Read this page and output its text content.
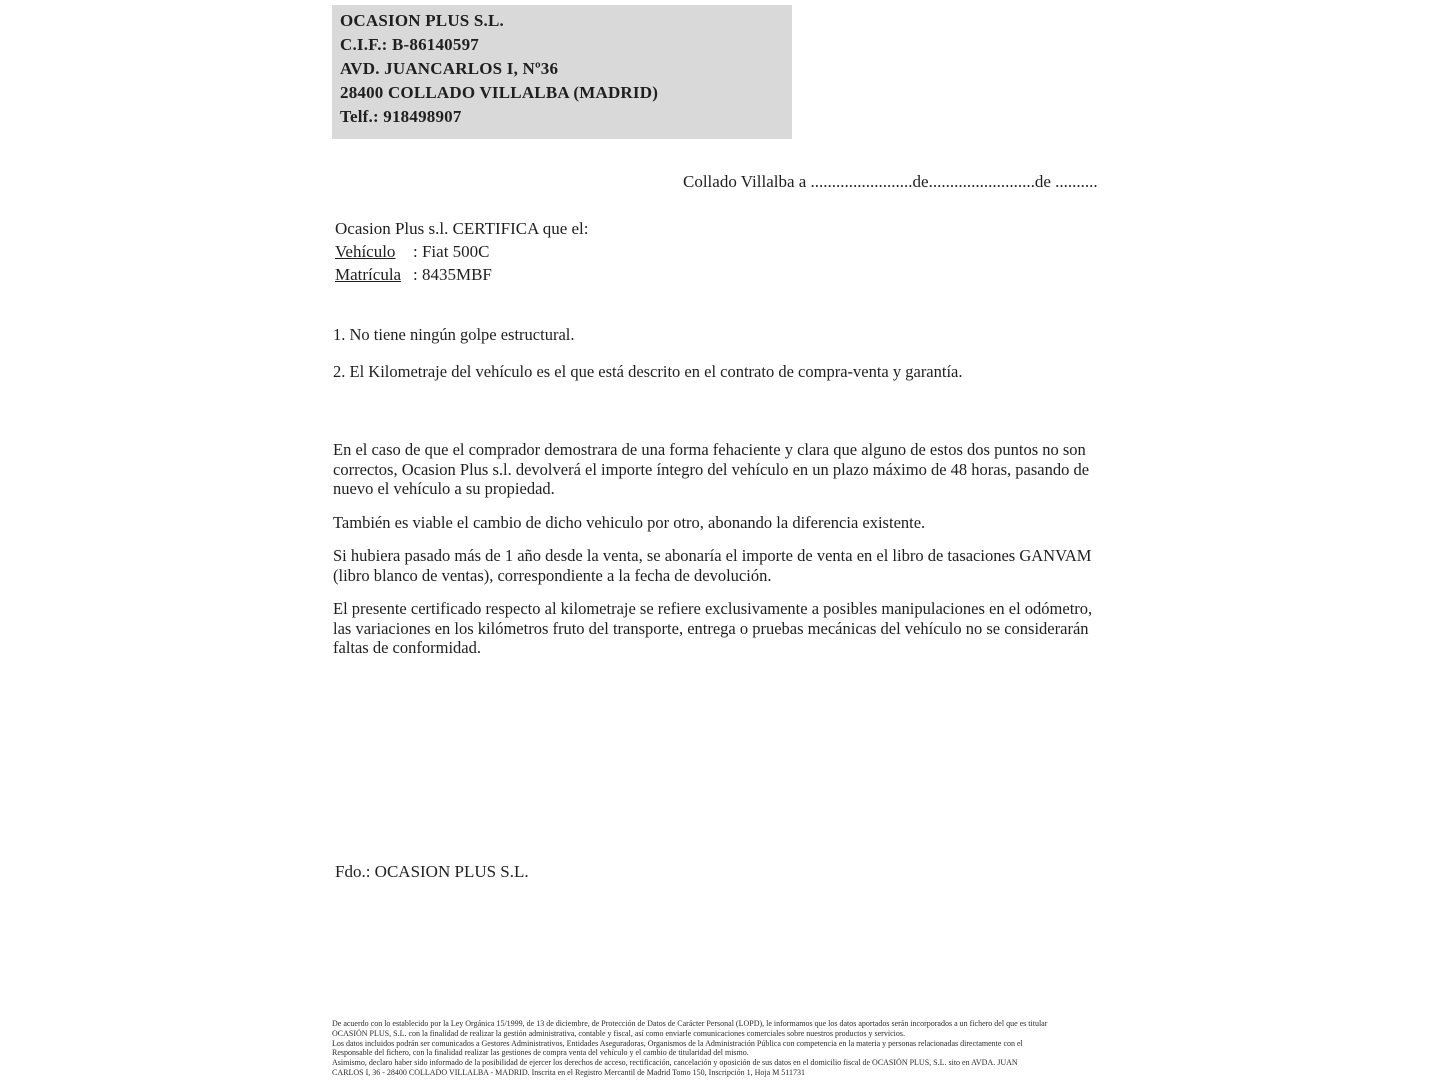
OCASION PLUS S.L.
C.I.F.: B-86140597
AVD. JUANCARLOS I, Nº36
28400 COLLADO VILLALBA (MADRID)
Telf.: 918498907
Collado Villalba a ........................de.........................de ..........
Ocasion Plus s.l. CERTIFICA que el:
Vehículo : Fiat 500C
Matrícula : 8435MBF

1. No tiene ningún golpe estructural.

2. El Kilometraje del vehículo es el que está descrito en el contrato de compra-venta y garantía.

En el caso de que el comprador demostrara de una forma fehaciente y clara que alguno de estos dos puntos no son correctos, Ocasion Plus s.l. devolverá el importe íntegro del vehículo en un plazo máximo de 48 horas, pasando de nuevo el vehículo a su propiedad.

También es viable el cambio de dicho vehiculo por otro, abonando la diferencia existente.

Si hubiera pasado más de 1 año desde la venta, se abonaría el importe de venta en el libro de tasaciones GANVAM (libro blanco de ventas), correspondiente a la fecha de devolución.

El presente certificado respecto al kilometraje se refiere exclusivamente a posibles manipulaciones en el odómetro, las variaciones en los kilómetros fruto del transporte, entrega o pruebas mecánicas del vehículo no se considerarán faltas de conformidad.

Fdo.: OCASION PLUS S.L.
De acuerdo con lo establecido por la Ley Orgánica 15/1999, de 13 de diciembre, de Protección de Datos de Carácter Personal (LOPD), le informamos que los datos aportados serán incorporados a un fichero del que es titular
OCASIÓN PLUS, S.L. con la finalidad de realizar la gestión administrativa, contable y fiscal, así como enviarle comunicaciones comerciales sobre nuestros productos y servicios.
Los datos incluidos podrán ser comunicados a Gestores Administrativos, Entidades Aseguradoras, Organismos de la Administración Pública con competencia en la materia y personas relacionadas directamente con el
Responsable del fichero, con la finalidad realizar las gestiones de compra venta del vehículo y el cambio de titularidad del mismo.
Asimismo, declaro haber sido informado de la posibilidad de ejercer los derechos de acceso, rectificación, cancelación y oposición de sus datos en el domicilio fiscal de OCASIÓN PLUS, S.L. sito en AVDA. JUAN
CARLOS I, 36 - 28400 COLLADO VILLALBA - MADRID. Inscrita en el Registro Mercantil de Madrid Tomo 150, Inscripción 1, Hoja M 511731
